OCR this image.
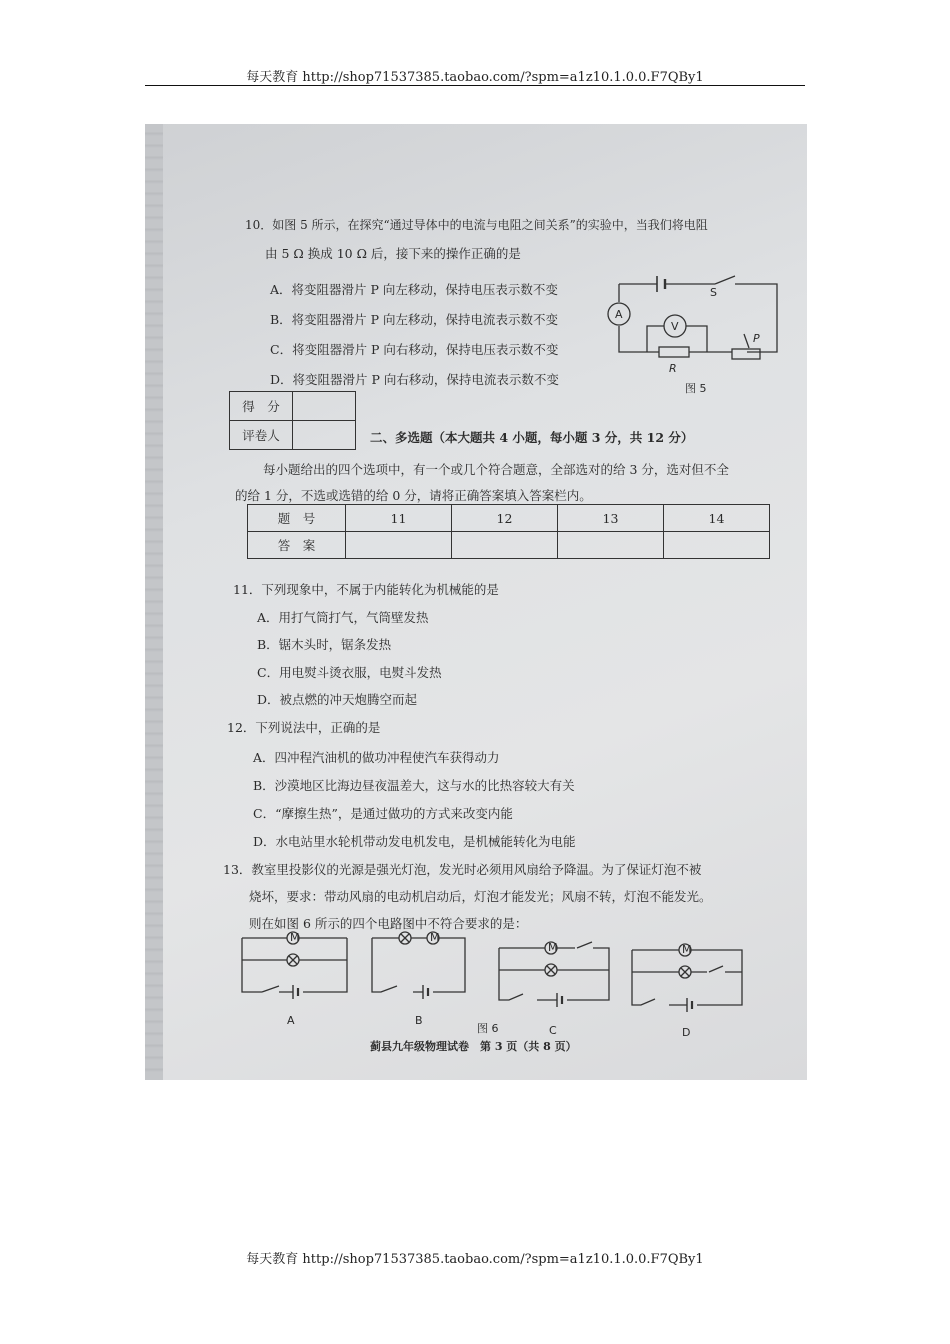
每天教育 http://shop71537385.taobao.com/?spm=a1z10.1.0.0.F7QBy1
10．如图 5 所示，在探究“通过导体中的电流与电阻之间关系”的实验中，当我们将电阻
由 5 Ω 换成 10 Ω 后，接下来的操作正确的是
A．将变阻器滑片 P 向左移动，保持电压表示数不变
B．将变阻器滑片 P 向左移动，保持电流表示数不变
C．将变阻器滑片 P 向右移动，保持电压表示数不变
D．将变阻器滑片 P 向右移动，保持电流表示数不变
A
V
S
R
P
图 5
得　分	
评卷人		二、多选题（本大题共 4 小题，每小题 3 分，共 12 分）
每小题给出的四个选项中，有一个或几个符合题意，全部选对的给 3 分，选对但不全
的给 1 分，不选或选错的给 0 分，请将正确答案填入答案栏内。
题　号	11	12	13	14
答　案				
11．下列现象中，不属于内能转化为机械能的是
A．用打气筒打气，气筒壁发热
B．锯木头时，锯条发热
C．用电熨斗烫衣服，电熨斗发热
D．被点燃的冲天炮腾空而起
12．下列说法中，正确的是
A．四冲程汽油机的做功冲程使汽车获得动力
B．沙漠地区比海边昼夜温差大，这与水的比热容较大有关
C．“摩擦生热”，是通过做功的方式来改变内能
D．水电站里水轮机带动发电机发电，是机械能转化为电能
13．教室里投影仪的光源是强光灯泡，发光时必须用风扇给予降温。为了保证灯泡不被
烧坏，要求：带动风扇的电动机启动后，灯泡才能发光；风扇不转，灯泡不能发光。
则在如图 6 所示的四个电路图中不符合要求的是：
M
A
M
B
图 6
M
C
M
D
蓟县九年级物理试卷　第 3 页（共 8 页）
每天教育 http://shop71537385.taobao.com/?spm=a1z10.1.0.0.F7QBy1
